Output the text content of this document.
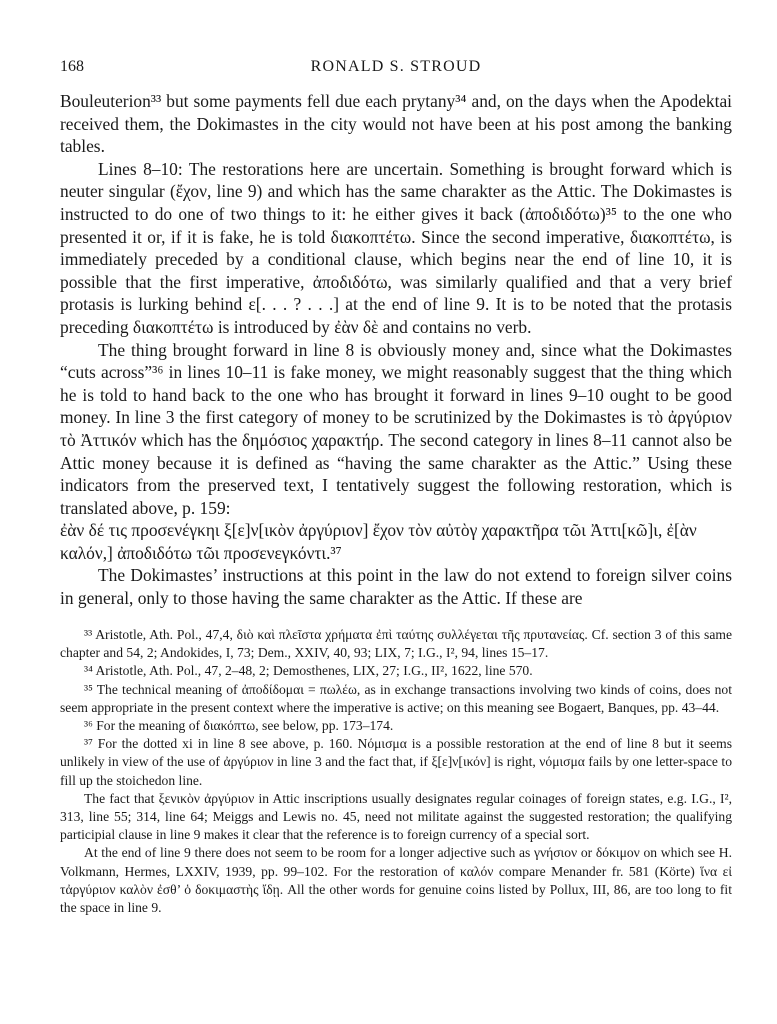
168	RONALD S. STROUD

Bouleuterion³³ but some payments fell due each prytany³⁴ and, on the days when the Apodektai received them, the Dokimastes in the city would not have been at his post among the banking tables.

Lines 8–10: The restorations here are uncertain. Something is brought forward which is neuter singular (ἔχον, line 9) and which has the same charakter as the Attic. The Dokimastes is instructed to do one of two things to it: he either gives it back (ἀποδιδότω)³⁵ to the one who presented it or, if it is fake, he is told διακοπτέτω. Since the second imperative, διακοπτέτω, is immediately preceded by a conditional clause, which begins near the end of line 10, it is possible that the first imperative, ἀποδιδότω, was similarly qualified and that a very brief protasis is lurking behind ε[. . . ? . . .] at the end of line 9. It is to be noted that the protasis preceding διακοπτέτω is introduced by ἐὰν δὲ and contains no verb.

The thing brought forward in line 8 is obviously money and, since what the Dokimastes “cuts across”³⁶ in lines 10–11 is fake money, we might reasonably suggest that the thing which he is told to hand back to the one who has brought it forward in lines 9–10 ought to be good money. In line 3 the first category of money to be scrutinized by the Dokimastes is τὸ ἀργύριον τὸ Ἀττικόν which has the δημόσιος χαρακτήρ. The second category in lines 8–11 cannot also be Attic money because it is defined as “having the same charakter as the Attic.” Using these indicators from the preserved text, I tentatively suggest the following restoration, which is translated above, p. 159:

ἐὰν δέ τις προσενέγκηι ξ[ε]ν[ικὸν ἀργύριον] ἔχον τὸν αὐτὸγ χαρακτῆρα τῶι Ἀττι[κῶ]ι, ἐ[ὰν καλόν,] ἀποδιδότω τῶι προσενεγκόντι.³⁷

The Dokimastes’ instructions at this point in the law do not extend to foreign silver coins in general, only to those having the same charakter as the Attic. If these are

³³ Aristotle, Ath. Pol., 47,4, διὸ καὶ πλεῖστα χρήματα ἐπὶ ταύτης συλλέγεται τῆς πρυτανείας. Cf. section 3 of this same chapter and 54, 2; Andokides, I, 73; Dem., XXIV, 40, 93; LIX, 7; I.G., I², 94, lines 15–17.

³⁴ Aristotle, Ath. Pol., 47, 2–48, 2; Demosthenes, LIX, 27; I.G., II², 1622, line 570.

³⁵ The technical meaning of ἀποδίδομαι = πωλέω, as in exchange transactions involving two kinds of coins, does not seem appropriate in the present context where the imperative is active; on this meaning see Bogaert, Banques, pp. 43–44.

³⁶ For the meaning of διακόπτω, see below, pp. 173–174.

³⁷ For the dotted xi in line 8 see above, p. 160. Νόμισμα is a possible restoration at the end of line 8 but it seems unlikely in view of the use of ἀργύριον in line 3 and the fact that, if ξ[ε]ν[ικόν] is right, νόμισμα fails by one letter-space to fill up the stoichedon line.

The fact that ξενικὸν ἀργύριον in Attic inscriptions usually designates regular coinages of foreign states, e.g. I.G., I², 313, line 55; 314, line 64; Meiggs and Lewis no. 45, need not militate against the suggested restoration; the qualifying participial clause in line 9 makes it clear that the reference is to foreign currency of a special sort.

At the end of line 9 there does not seem to be room for a longer adjective such as γνήσιον or δόκιμον on which see H. Volkmann, Hermes, LXXIV, 1939, pp. 99–102. For the restoration of καλόν compare Menander fr. 581 (Körte) ἵνα εἰ τἀργύριον καλὸν ἐσθ’ ὁ δοκιμαστὴς ἴδῃ. All the other words for genuine coins listed by Pollux, III, 86, are too long to fit the space in line 9.
